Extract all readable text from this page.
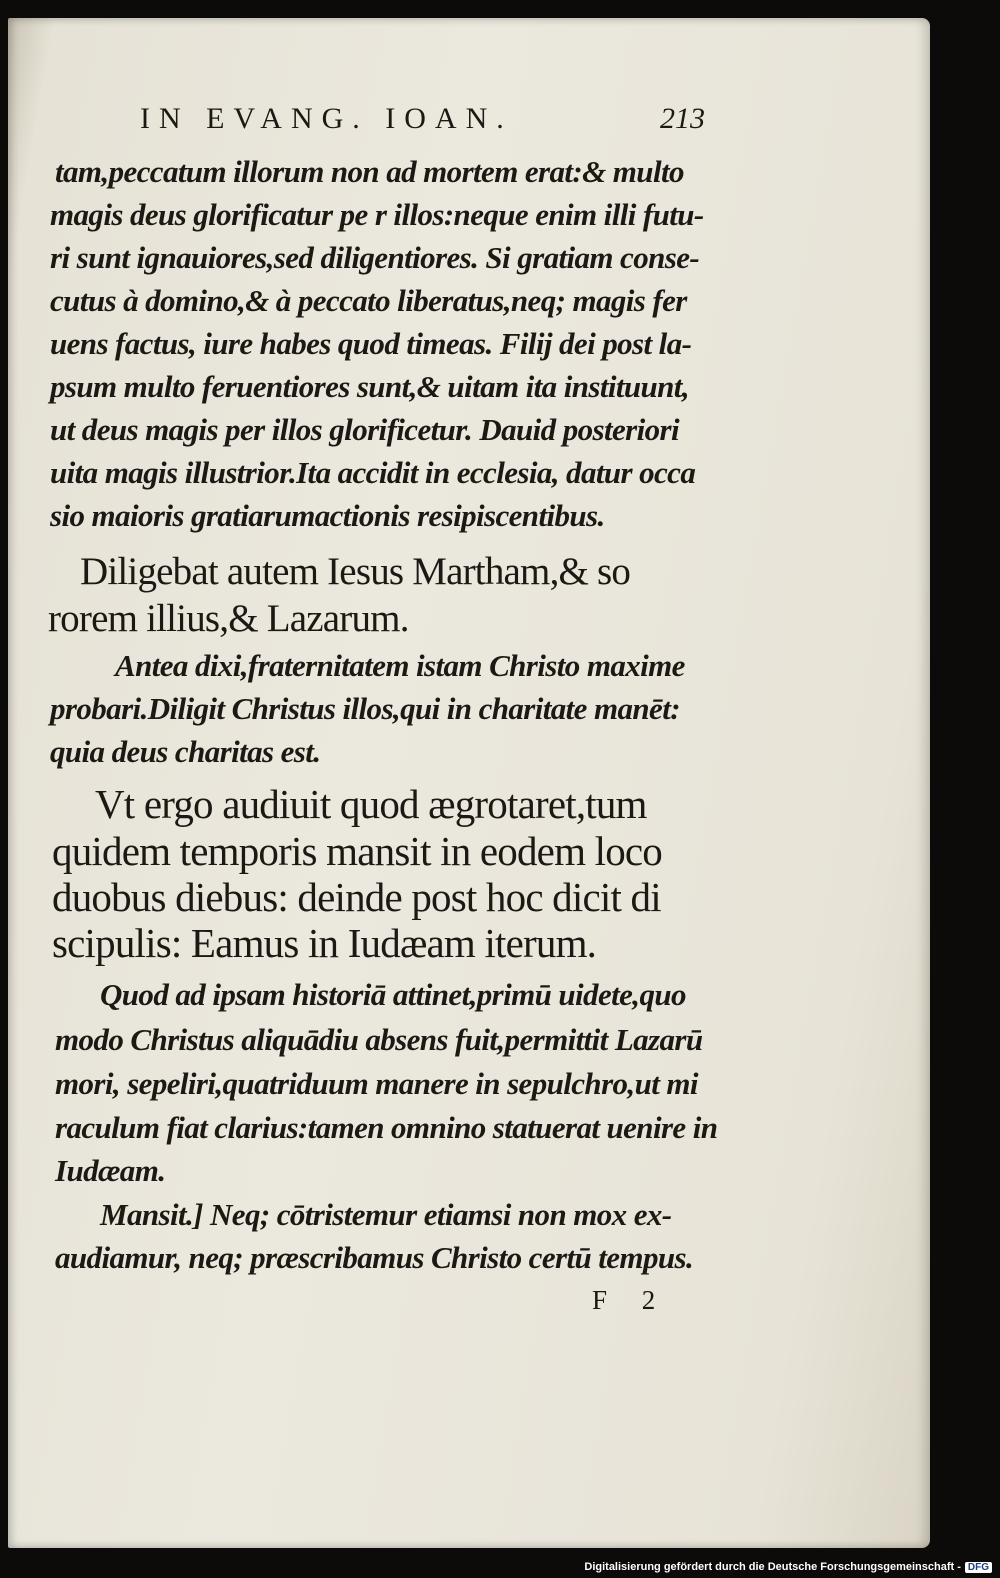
IN EVANG. IOAN.	213
tam,peccatum illorum non ad mortem erat:& multo
magis deus glorificatur pe r illos:neque enim illi futu-
ri sunt ignauiores,sed diligentiores. Si gratiam conse-
cutus à domino,& à peccato liberatus,neq; magis fer
uens factus, iure habes quod timeas. Filij dei post la-
psum multo feruentiores sunt,& uitam ita instituunt,
ut deus magis per illos glorificetur. Dauid posteriori
uita magis illustrior.Ita accidit in ecclesia, datur occa
sio maioris gratiarumactionis resipiscentibus.
Diligebat autem Iesus Martham,& so
rorem illius,& Lazarum.
Antea dixi,fraternitatem istam Christo maxime
probari.Diligit Christus illos,qui in charitate manēt:
quia deus charitas est.
Vt ergo audiuit quod ægrotaret,tum
quidem temporis mansit in eodem loco
duobus diebus: deinde post hoc dicit di
scipulis: Eamus in Iudæam iterum.
Quod ad ipsam historiā attinet,primū uidete,quo
modo Christus aliquādiu absens fuit,permittit Lazarū
mori, sepeliri,quatriduum manere in sepulchro,ut mi
raculum fiat clarius:tamen omnino statuerat uenire in
Iudæam.
Mansit.] Neq; cōtristemur etiamsi non mox ex-
audiamur, neq; præscribamus Christo certū tempus.
F 2
Digitalisierung gefördert durch die Deutsche Forschungsgemeinschaft - DFG
